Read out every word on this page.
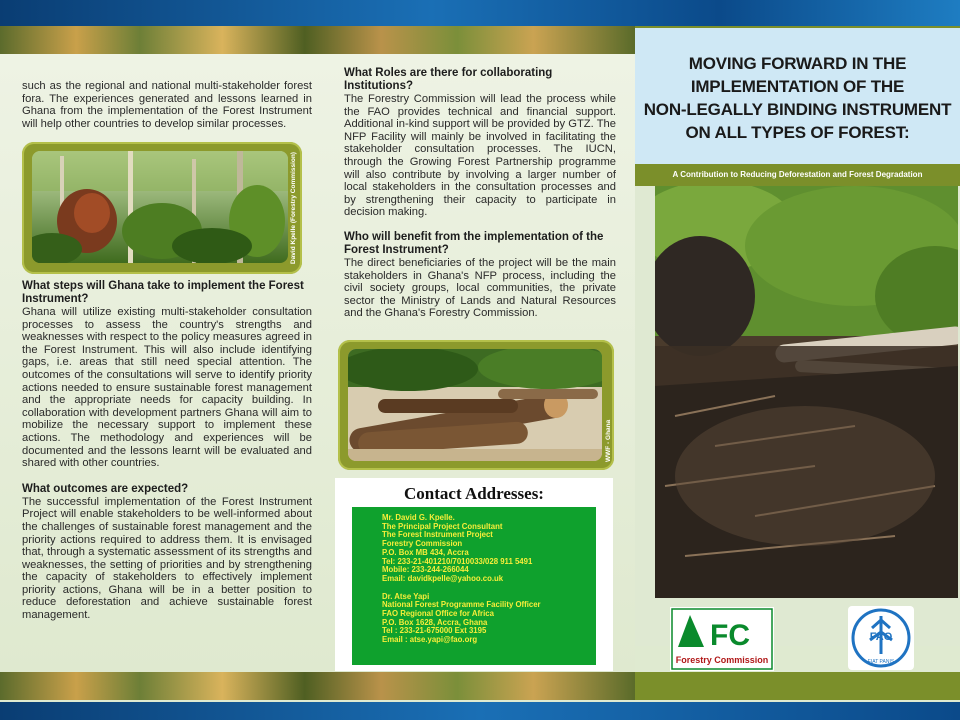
such as the regional and national multi-stakeholder forest fora. The experiences generated and lessons learned in Ghana from the implementation of the Forest Instrument will help other countries to develop similar processes.

David Kpelle (Forestry Commission)
What steps will Ghana take to implement the Forest Instrument?

Ghana will utilize existing multi-stakeholder consultation processes to assess the country's strengths and weaknesses with respect to the policy measures agreed in the Forest Instrument. This will also include identifying gaps, i.e. areas that still need special attention. The outcomes of the consultations will serve to identify priority actions needed to ensure sustainable forest management and the appropriate needs for capacity building. In collaboration with development partners Ghana will aim to mobilize the necessary support to implement these actions. The methodology and experiences will be documented and the lessons learnt will be evaluated and shared with other countries.

What outcomes are expected?

The successful implementation of the Forest Instrument Project will enable stakeholders to be well-informed about the challenges of sustainable forest management and the priority actions required to address them. It is envisaged that, through a systematic assessment of its strengths and weaknesses, the setting of priorities and by strengthening the capacity of stakeholders to effectively implement priority actions, Ghana will be in a better position to reduce deforestation and achieve sustainable forest management.

What Roles are there for collaborating Institutions?

The Forestry Commission will lead the process while the FAO provides technical and financial support. Additional in-kind support will be provided by GTZ. The NFP Facility will mainly be involved in facilitating the stakeholder consultation processes. The IUCN, through the Growing Forest Partnership programme will also contribute by involving a larger number of local stakeholders in the consultation processes and by strengthening their capacity to participate in decision making.

Who will benefit from the implementation of the Forest Instrument?

The direct beneficiaries of the project will be the main stakeholders in Ghana's NFP process, including the civil society groups, local communities, the private sector the Ministry of Lands and Natural Resources and the Ghana's Forestry Commission.

WWF - Ghana
Contact Addresses:
Mr. David G. Kpelle.
The Principal Project Consultant
The Forest Instrument Project
Forestry Commission
P.O. Box MB 434, Accra
Tel: 233-21-401210/7010033/028 911 5491
Mobile: 233-244-266044
Email: davidkpelle@yahoo.co.uk
Dr. Atse Yapi
National Forest Programme Facility Officer
FAO Regional Office for Africa
P.O. Box 1628, Accra, Ghana
Tel : 233-21-675000 Ext 3195
Email : atse.yapi@fao.org
MOVING FORWARD IN THE
IMPLEMENTATION OF THE
NON-LEGALLY BINDING INSTRUMENT
ON ALL TYPES OF FOREST:
A Contribution to Reducing Deforestation and Forest Degradation
FC
Forestry Commission
FAO
FIAT PANIS
